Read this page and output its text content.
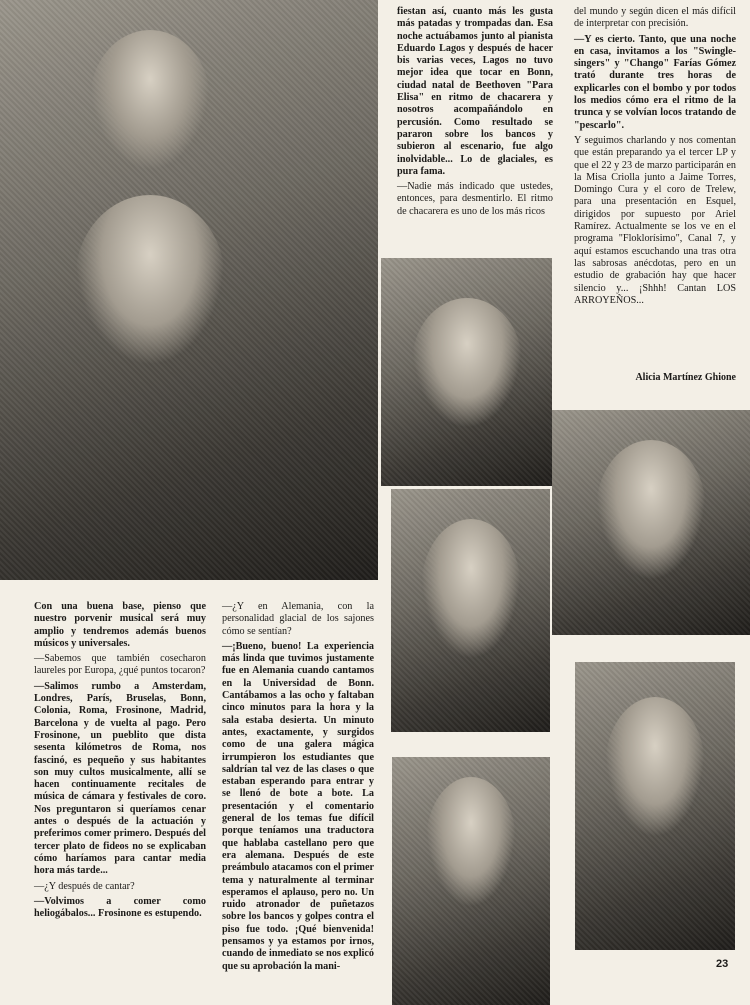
Con una buena base, pienso que nuestro porvenir musical será muy amplio y tendremos además buenos músicos y universales.

—Sabemos que también cosecharon laureles por Europa, ¿qué puntos tocaron?

—Salimos rumbo a Amsterdam, Londres, París, Bruselas, Bonn, Colonia, Roma, Frosinone, Madrid, Barcelona y de vuelta al pago. Pero Frosinone, un pueblito que dista sesenta kilómetros de Roma, nos fascinó, es pequeño y sus habitantes son muy cultos musicalmente, allí se hacen continuamente recitales de música de cámara y festivales de coro. Nos preguntaron si queríamos cenar antes o después de la actuación y preferimos comer primero. Después del tercer plato de fideos no se explicaban cómo haríamos para cantar media hora más tarde...

—¿Y después de cantar?

—Volvimos a comer como heliogábalos... Frosinone es estupendo.

—¿Y en Alemania, con la personalidad glacial de los sajones cómo se sentían?

—¡Bueno, bueno! La experiencia más linda que tuvimos justamente fue en Alemania cuando cantamos en la Universidad de Bonn. Cantábamos a las ocho y faltaban cinco minutos para la hora y la sala estaba desierta. Un minuto antes, exactamente, y surgidos como de una galera mágica irrumpieron los estudiantes que saldrían tal vez de las clases o que estaban esperando para entrar y se llenó de bote a bote. La presentación y el comentario general de los temas fue difícil porque teníamos una traductora que hablaba castellano pero que era alemana. Después de este preámbulo atacamos con el primer tema y naturalmente al terminar esperamos el aplauso, pero no. Un ruido atronador de puñetazos sobre los bancos y golpes contra el piso fue todo. ¡Qué bienvenida! pensamos y ya estamos por irnos, cuando de inmediato se nos explicó que su aprobación la mani-

fiestan así, cuanto más les gusta más patadas y trompadas dan. Esa noche actuábamos junto al pianista Eduardo Lagos y después de hacer bis varias veces, Lagos no tuvo mejor idea que tocar en Bonn, ciudad natal de Beethoven "Para Elisa" en ritmo de chacarera y nosotros acompañándolo en percusión. Como resultado se pararon sobre los bancos y subieron al escenario, fue algo inolvidable... Lo de glaciales, es pura fama.

—Nadie más indicado que ustedes, entonces, para desmentirlo. El ritmo de chacarera es uno de los más ricos

del mundo y según dicen el más difícil de interpretar con precisión.

—Y es cierto. Tanto, que una noche en casa, invitamos a los "Swingle-singers" y "Chango" Farías Gómez trató durante tres horas de explicarles con el bombo y por todos los medios cómo era el ritmo de la trunca y se volvían locos tratando de "pescarlo".

Y seguimos charlando y nos comentan que están preparando ya el tercer LP y que el 22 y 23 de marzo participarán en la Misa Criolla junto a Jaime Torres, Domingo Cura y el coro de Trelew, para una presentación en Esquel, dirigidos por supuesto por Ariel Ramírez. Actualmente se los ve en el programa "Floklorísimo", Canal 7, y aquí estamos escuchando una tras otra las sabrosas anécdotas, pero en un estudio de grabación hay que hacer silencio y... ¡Shhh! Cantan LOS ARROYEÑOS...

Alicia Martínez Ghione
23
